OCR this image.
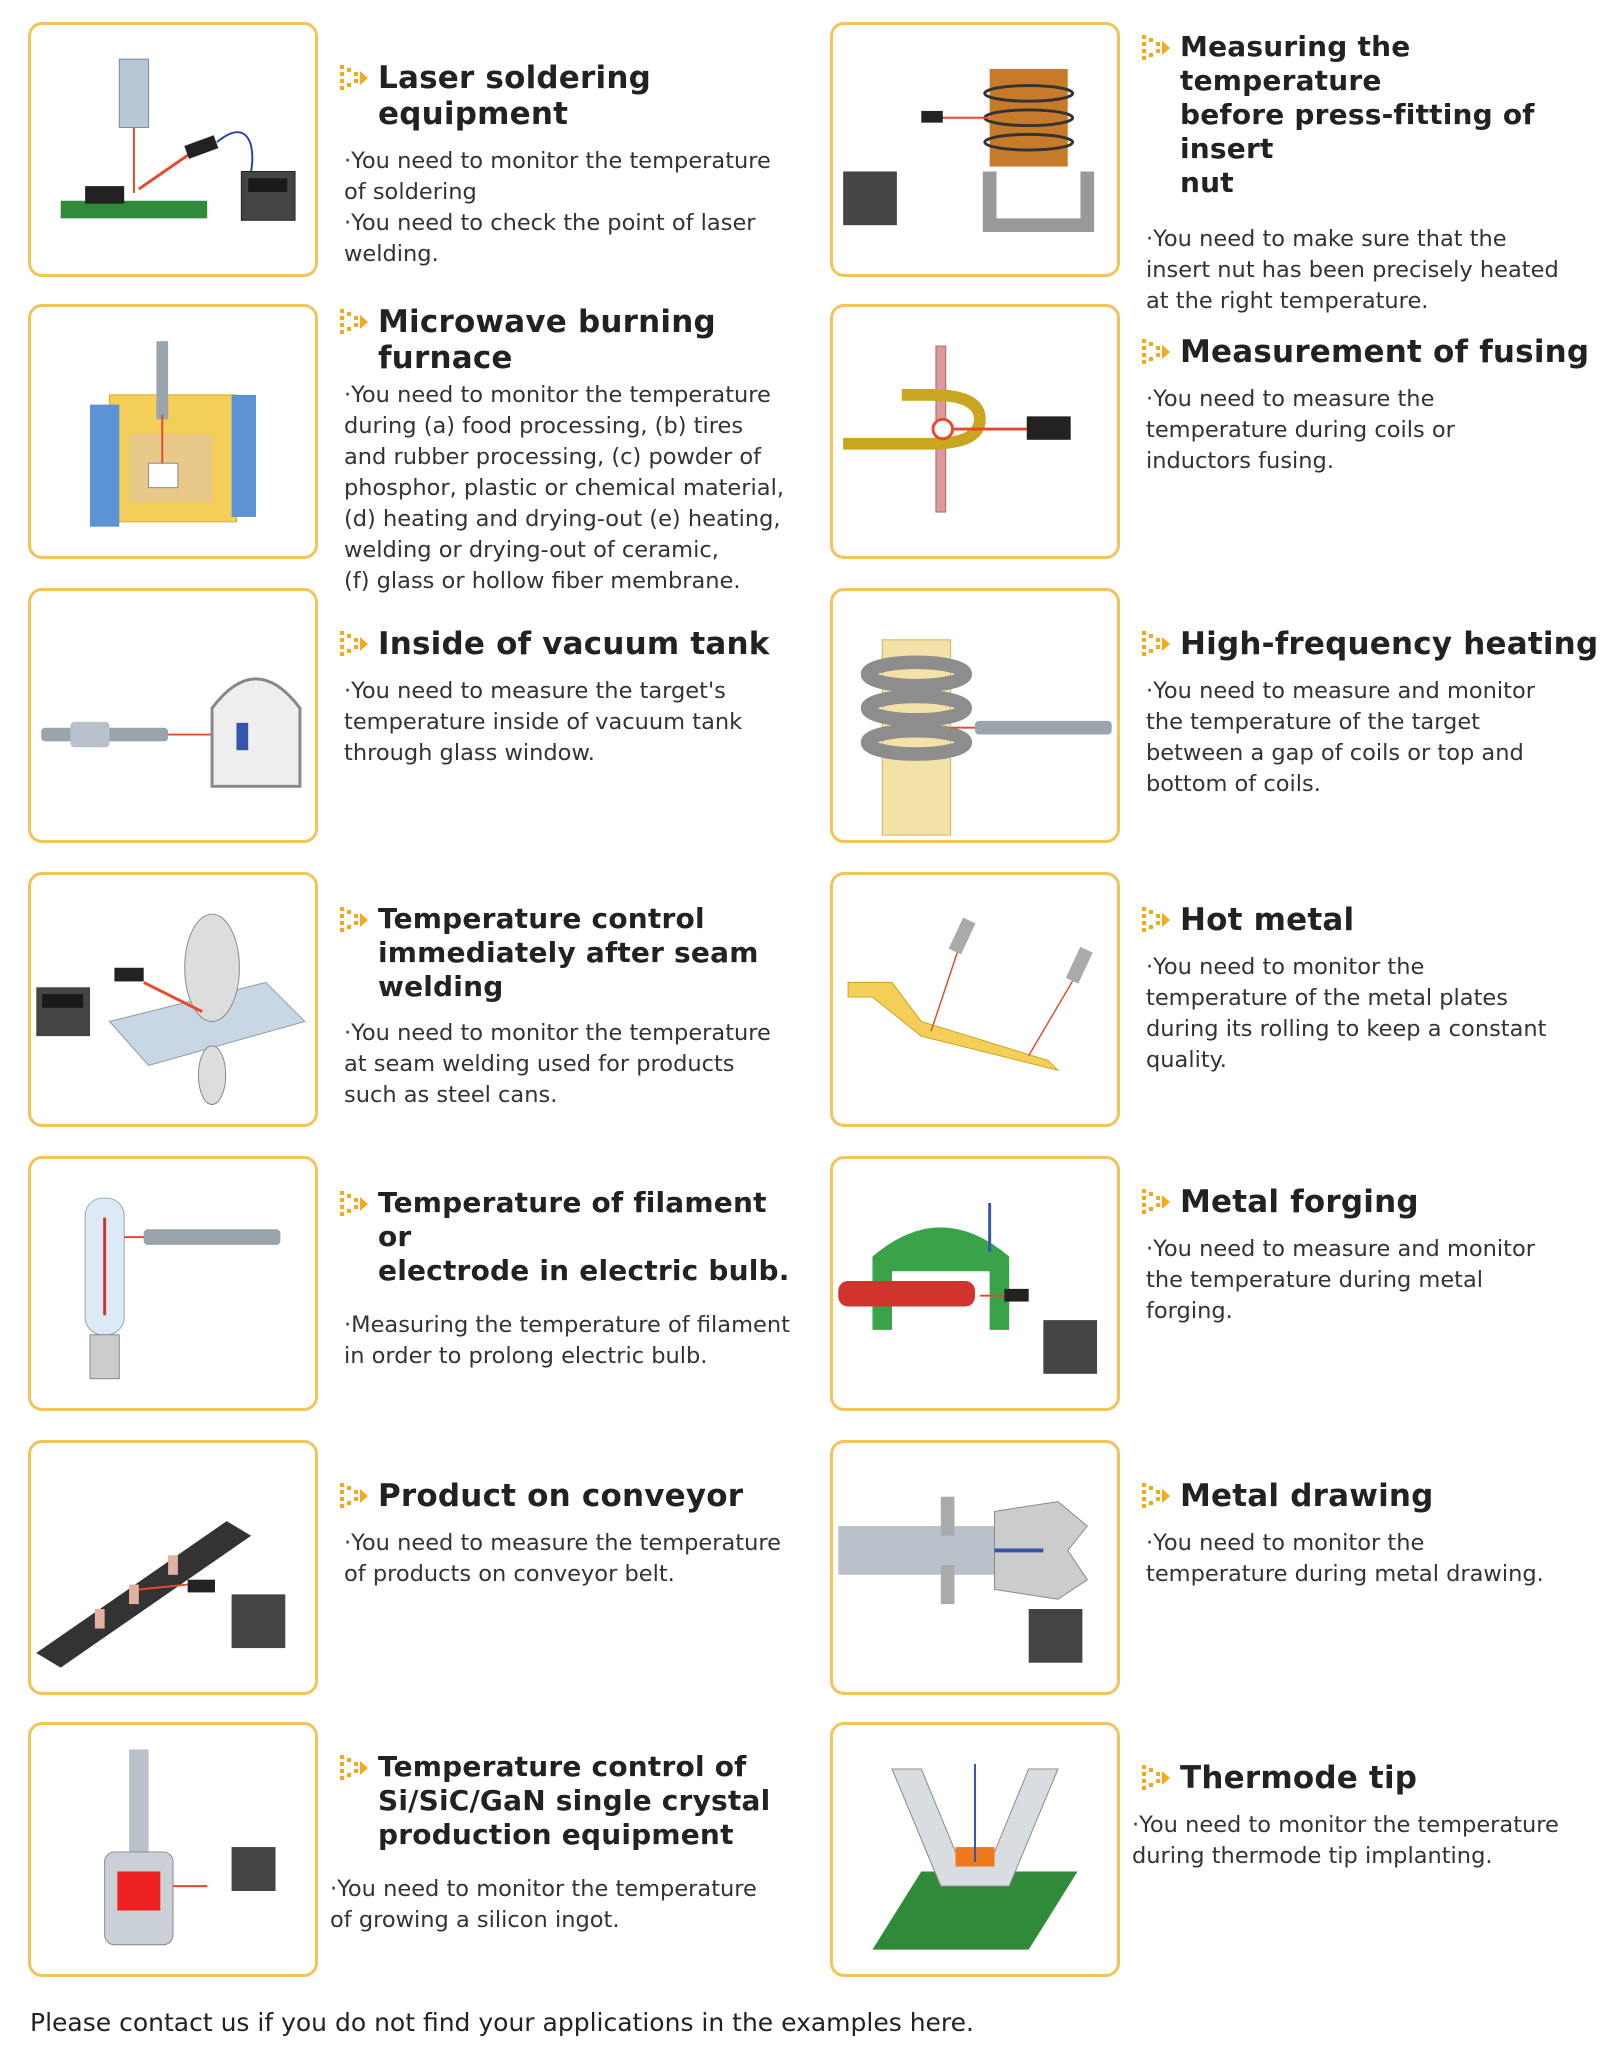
Laser soldering equipment
·You need to monitor the temperature
of soldering
·You need to check the point of laser
welding.
Microwave burning furnace
·You need to monitor the temperature
during (a) food processing, (b) tires
and rubber processing, (c) powder of
phosphor, plastic or chemical material,
(d) heating and drying-out (e) heating,
welding or drying-out of ceramic,
(f) glass or hollow fiber membrane.
Inside of vacuum tank
·You need to measure the target's
temperature inside of vacuum tank
through glass window.
Temperature control
immediately after seam welding
·You need to monitor the temperature
at seam welding used for products
such as steel cans.
Temperature of filament or
electrode in electric bulb.
·Measuring the temperature of filament
in order to prolong electric bulb.
Product on conveyor
·You need to measure the temperature
of products on conveyor belt.
Temperature control of
Si/SiC/GaN single crystal
production equipment
·You need to monitor the temperature
of growing a silicon ingot.
Measuring the temperature
before press-fitting of insert
nut
·You need to make sure that the
insert nut has been precisely heated
at the right temperature.
Measurement of fusing
·You need to measure the
temperature during coils or
inductors fusing.
High-frequency heating
·You need to measure and monitor
the temperature of the target
between a gap of coils or top and
bottom of coils.
Hot metal
·You need to monitor the
temperature of the metal plates
during its rolling to keep a constant
quality.
Metal forging
·You need to measure and monitor
the temperature during metal
forging.
Metal drawing
·You need to monitor the
temperature during metal drawing.
Thermode tip
·You need to monitor the temperature
during thermode tip implanting.
Please contact us if you do not find your applications in the examples here.
